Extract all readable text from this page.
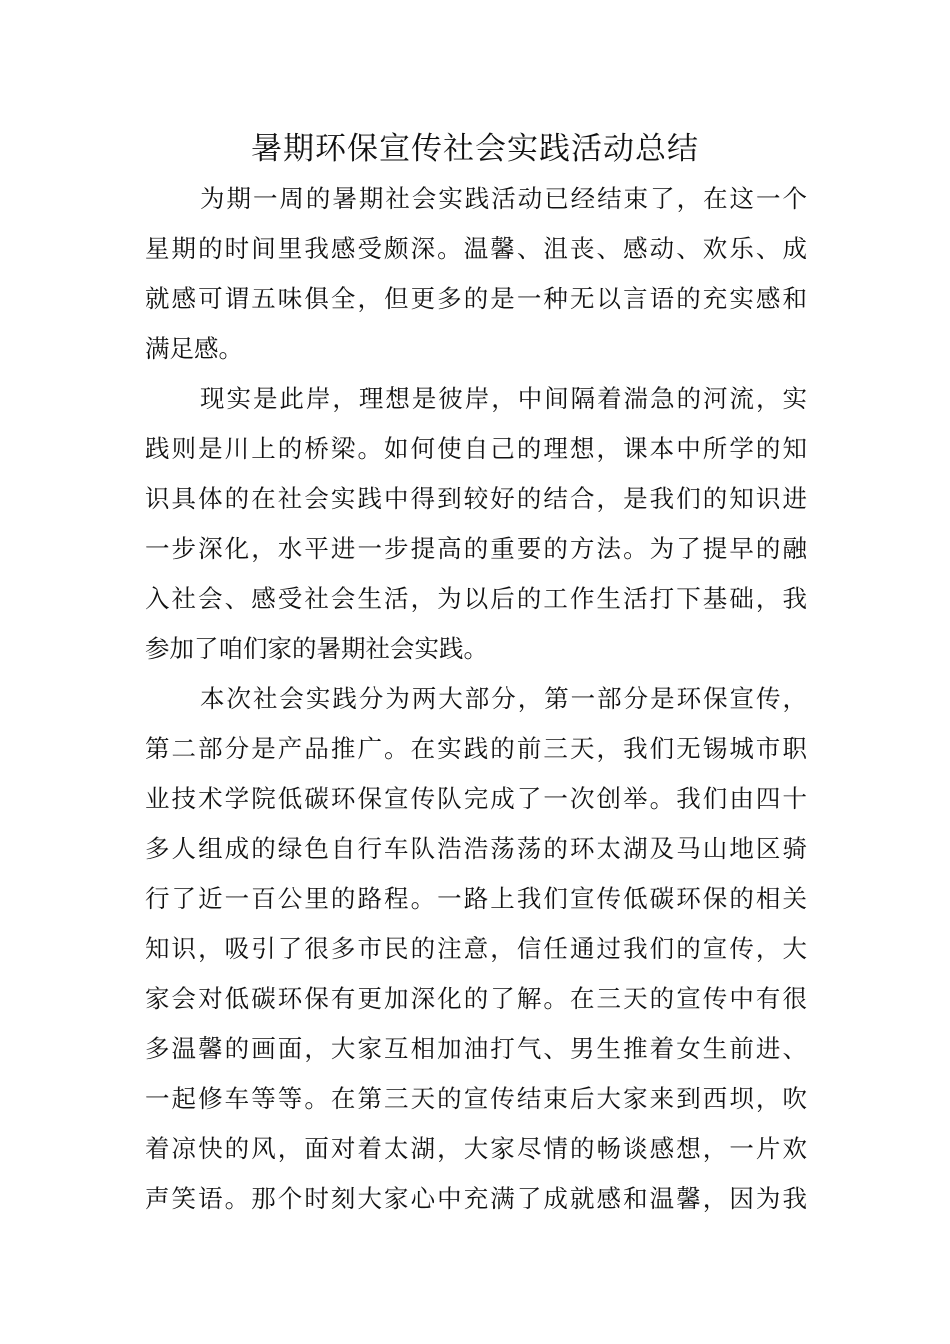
暑期环保宣传社会实践活动总结
为期一周的暑期社会实践活动已经结束了，在这一个
星期的时间里我感受颇深。温馨、沮丧、感动、欢乐、成
就感可谓五味俱全，但更多的是一种无以言语的充实感和
满足感。
现实是此岸，理想是彼岸，中间隔着湍急的河流，实
践则是川上的桥梁。如何使自己的理想，课本中所学的知
识具体的在社会实践中得到较好的结合，是我们的知识进
一步深化，水平进一步提高的重要的方法。为了提早的融
入社会、感受社会生活，为以后的工作生活打下基础，我
参加了咱们家的暑期社会实践。
本次社会实践分为两大部分，第一部分是环保宣传，
第二部分是产品推广。在实践的前三天，我们无锡城市职
业技术学院低碳环保宣传队完成了一次创举。我们由四十
多人组成的绿色自行车队浩浩荡荡的环太湖及马山地区骑
行了近一百公里的路程。一路上我们宣传低碳环保的相关
知识，吸引了很多市民的注意，信任通过我们的宣传，大
家会对低碳环保有更加深化的了解。在三天的宣传中有很
多温馨的画面，大家互相加油打气、男生推着女生前进、
一起修车等等。在第三天的宣传结束后大家来到西坝，吹
着凉快的风，面对着太湖，大家尽情的畅谈感想，一片欢
声笑语。那个时刻大家心中充满了成就感和温馨，因为我
